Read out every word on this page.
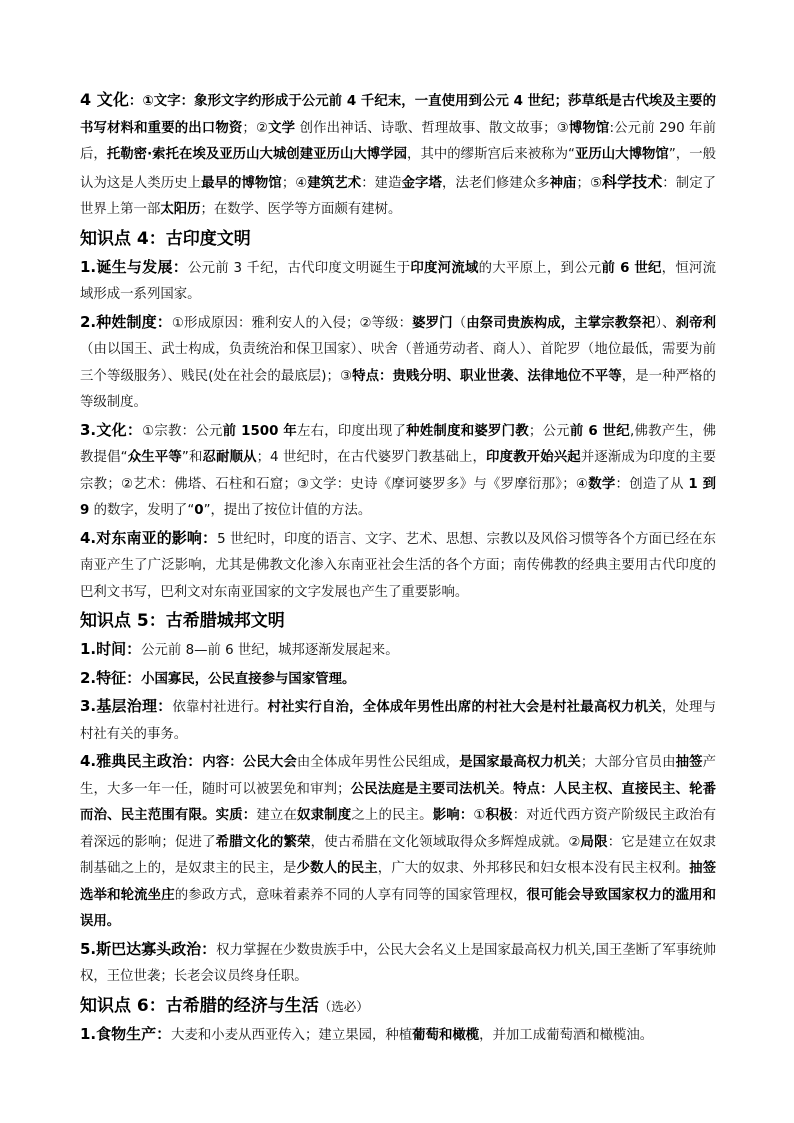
4 文化：①文字：象形文字约形成于公元前 4 千纪末，一直使用到公元 4 世纪；莎草纸是古代埃及主要的书写材料和重要的出口物资；②文学 创作出神话、诗歌、哲理故事、散文故事；③博物馆:公元前 290 年前后，托勒密·索托在埃及亚历山大城创建亚历山大博学园，其中的缪斯宫后来被称为“亚历山大博物馆”，一般认为这是人类历史上最早的博物馆；④建筑艺术：建造金字塔，法老们修建众多神庙；⑤科学技术：制定了世界上第一部太阳历；在数学、医学等方面颇有建树。

知识点 4：古印度文明

1.诞生与发展：公元前 3 千纪，古代印度文明诞生于印度河流域的大平原上，到公元前 6 世纪，恒河流域形成一系列国家。

2.种姓制度：①形成原因：雅利安人的入侵；②等级：婆罗门（由祭司贵族构成，主掌宗教祭祀）、刹帝利（由以国王、武士构成，负责统治和保卫国家）、吠舍（普通劳动者、商人）、首陀罗（地位最低，需要为前三个等级服务）、贱民(处在社会的最底层)；③特点：贵贱分明、职业世袭、法律地位不平等，是一种严格的等级制度。

3.文化：①宗教：公元前 1500 年左右，印度出现了种姓制度和婆罗门教；公元前 6 世纪,佛教产生，佛教提倡“众生平等”和忍耐顺从；4 世纪时，在古代婆罗门教基础上，印度教开始兴起并逐渐成为印度的主要宗教；②艺术：佛塔、石柱和石窟；③文学：史诗《摩诃婆罗多》与《罗摩衍那》；④数学：创造了从 1 到 9 的数字，发明了“0”，提出了按位计值的方法。

4.对东南亚的影响：5 世纪时，印度的语言、文字、艺术、思想、宗教以及风俗习惯等各个方面已经在东南亚产生了广泛影响，尤其是佛教文化渗入东南亚社会生活的各个方面；南传佛教的经典主要用古代印度的巴利文书写，巴利文对东南亚国家的文字发展也产生了重要影响。

知识点 5：古希腊城邦文明

1.时间：公元前 8—前 6 世纪，城邦逐渐发展起来。

2.特征：小国寡民，公民直接参与国家管理。

3.基层治理：依靠村社进行。村社实行自治，全体成年男性出席的村社大会是村社最高权力机关，处理与村社有关的事务。

4.雅典民主政治：内容：公民大会由全体成年男性公民组成，是国家最高权力机关；大部分官员由抽签产生，大多一年一任，随时可以被罢免和审判；公民法庭是主要司法机关。特点：人民主权、直接民主、轮番而治、民主范围有限。实质：建立在奴隶制度之上的民主。影响：①积极：对近代西方资产阶级民主政治有着深远的影响；促进了希腊文化的繁荣，使古希腊在文化领域取得众多辉煌成就。②局限：它是建立在奴隶制基础之上的，是奴隶主的民主，是少数人的民主，广大的奴隶、外邦移民和妇女根本没有民主权利。抽签选举和轮流坐庄的参政方式，意味着素养不同的人享有同等的国家管理权，很可能会导致国家权力的滥用和误用。

5.斯巴达寡头政治：权力掌握在少数贵族手中，公民大会名义上是国家最高权力机关,国王垄断了军事统帅权，王位世袭；长老会议员终身任职。

知识点 6：古希腊的经济与生活（选必）

1.食物生产：大麦和小麦从西亚传入；建立果园，种植葡萄和橄榄，并加工成葡萄酒和橄榄油。
